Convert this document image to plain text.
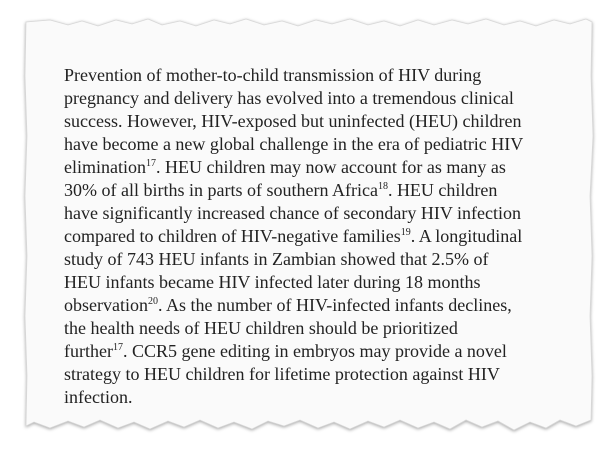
Prevention of mother-to-child transmission of HIV during
pregnancy and delivery has evolved into a tremendous clinical
success. However, HIV-exposed but uninfected (HEU) children
have become a new global challenge in the era of pediatric HIV
elimination$^{17}$. HEU children may now account for as many as
30% of all births in parts of southern Africa$^{18}$. HEU children
have significantly increased chance of secondary HIV infection
compared to children of HIV-negative families$^{19}$. A longitudinal
study of 743 HEU infants in Zambian showed that 2.5% of
HEU infants became HIV infected later during 18 months
observation$^{20}$. As the number of HIV-infected infants declines,
the health needs of HEU children should be prioritized
further$^{17}$. CCR5 gene editing in embryos may provide a novel
strategy to HEU children for lifetime protection against HIV
infection.
